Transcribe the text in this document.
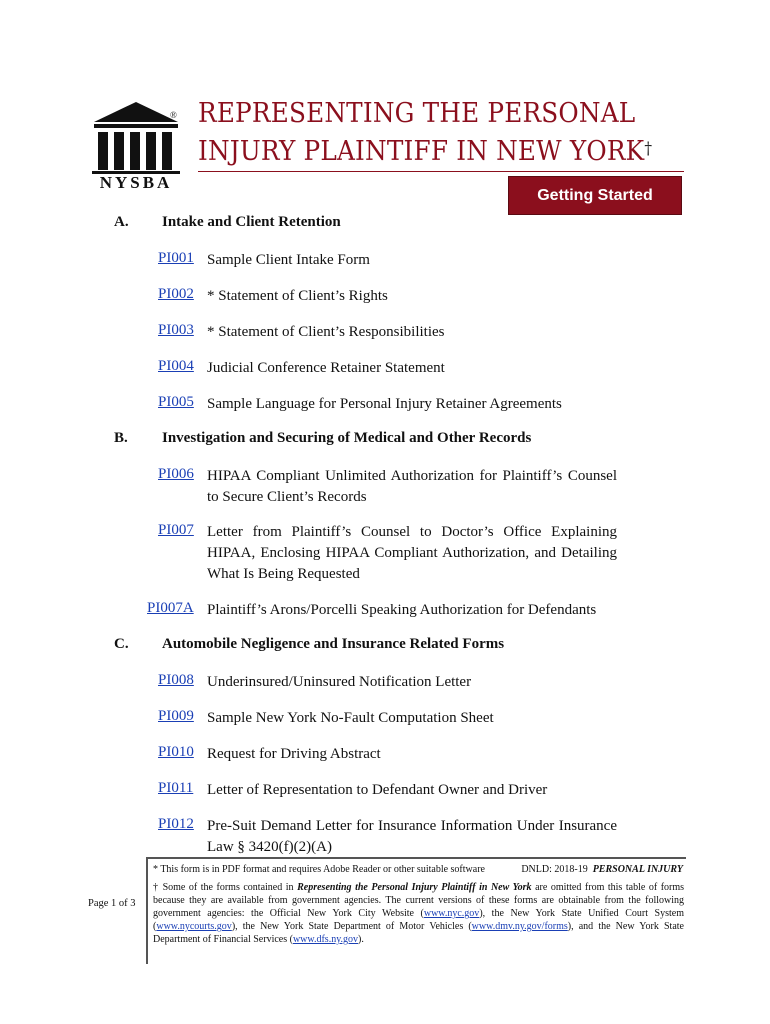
®
NYSBA
REPRESENTING THE PERSONAL
INJURY PLAINTIFF IN NEW YORK†
Getting Started
A. Intake and Client Retention
PI001 Sample Client Intake Form
PI002 * Statement of Client’s Rights
PI003 * Statement of Client’s Responsibilities
PI004 Judicial Conference Retainer Statement
PI005 Sample Language for Personal Injury Retainer Agreements
B. Investigation and Securing of Medical and Other Records
PI006 HIPAA Compliant Unlimited Authorization for Plaintiff’s Counsel to Secure Client’s Records
PI007 Letter from Plaintiff’s Counsel to Doctor’s Office Explaining HIPAA, Enclosing HIPAA Compliant Authorization, and Detailing What Is Being Requested
PI007A Plaintiff’s Arons/Porcelli Speaking Authorization for Defendants
C. Automobile Negligence and Insurance Related Forms
PI008 Underinsured/Uninsured Notification Letter
PI009 Sample New York No-Fault Computation Sheet
PI010 Request for Driving Abstract
PI011 Letter of Representation to Defendant Owner and Driver
PI012 Pre-Suit Demand Letter for Insurance Information Under Insurance Law § 3420(f)(2)(A)
Page 1 of 3
* This form is in PDF format and requires Adobe Reader or other suitable software	DNLD: 2018-19 PERSONAL INJURY
† Some of the forms contained in Representing the Personal Injury Plaintiff in New York are omitted from this table of forms because they are available from government agencies. The current versions of these forms are obtainable from the following government agencies: the Official New York City Website (www.nyc.gov), the New York State Unified Court System (www.nycourts.gov), the New York State Department of Motor Vehicles (www.dmv.ny.gov/forms), and the New York State Department of Financial Services (www.dfs.ny.gov).
